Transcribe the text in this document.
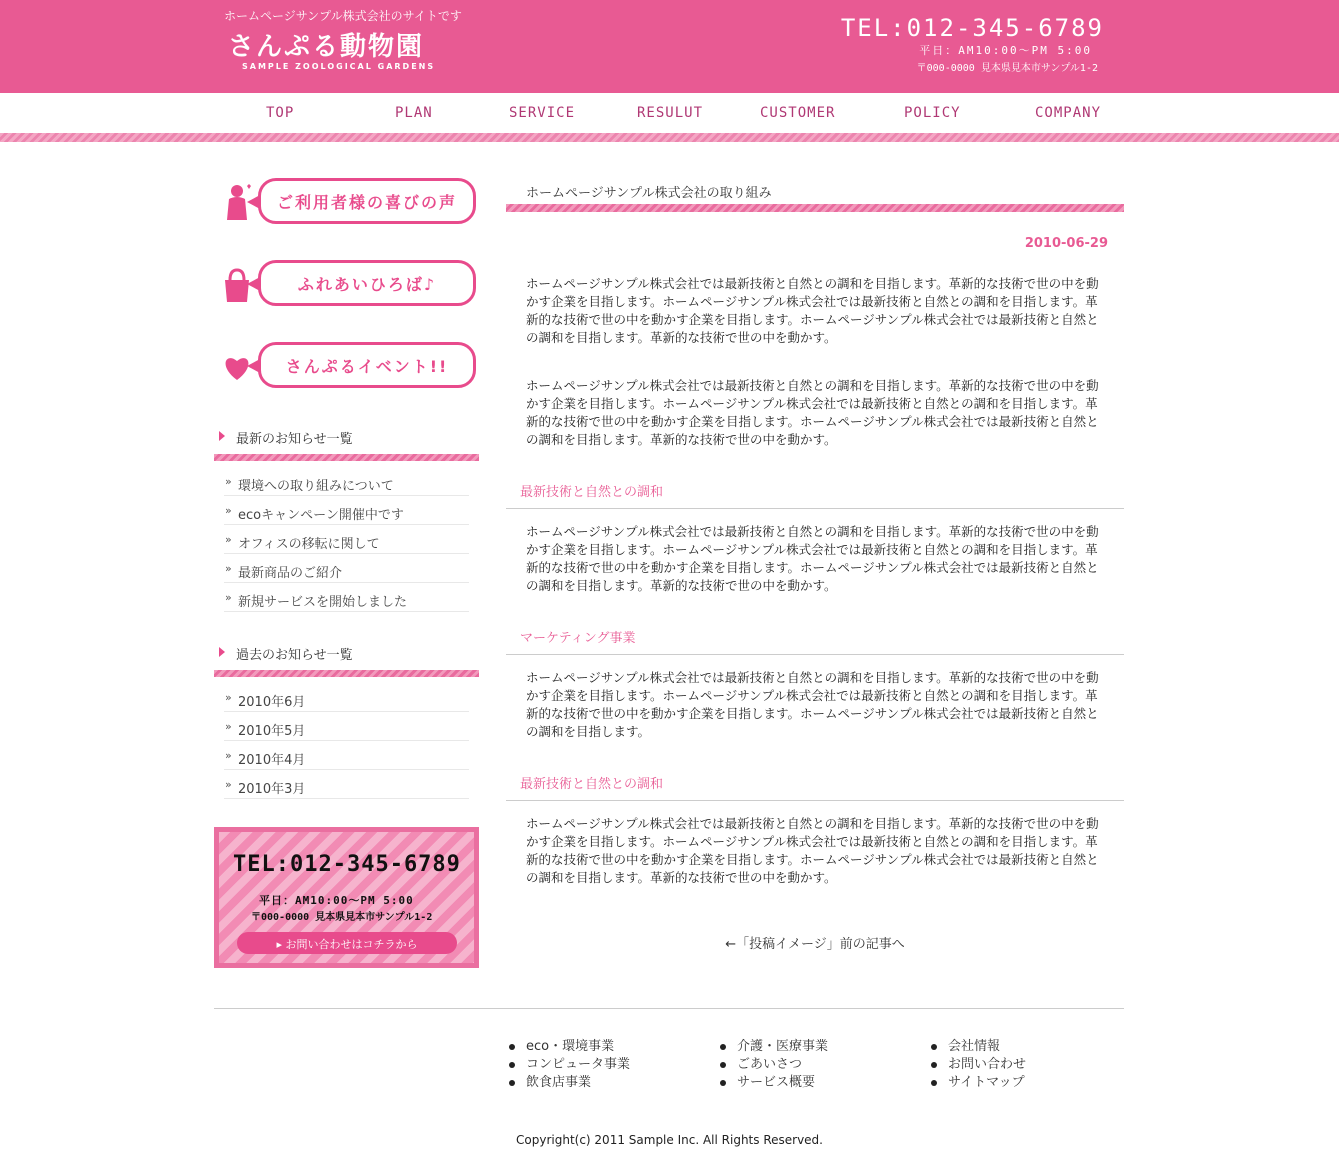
ホームページサンプル株式会社のサイトです
さんぷる動物園
SAMPLE ZOOLOGICAL GARDENS
TEL:012-345-6789
平日：AM10:00～PM 5:00
〒000-0000 見本県見本市サンプル1-2
TOP	PLAN	SERVICE	RESULUT	CUSTOMER	POLICY	COMPANY
ご利用者様の喜びの声
ふれあいひろば♪
さんぷるイベント!!
最新のお知らせ一覧
» 環境への取り組みについて
» ecoキャンペーン開催中です
» オフィスの移転に関して
» 最新商品のご紹介
» 新規サービスを開始しました
過去のお知らせ一覧
» 2010年6月
» 2010年5月
» 2010年4月
» 2010年3月
TEL:012-345-6789
平日：AM10:00～PM 5:00
〒000-0000 見本県見本市サンプル1-2
▸ お問い合わせはコチラから
ホームページサンプル株式会社の取り組み
2010-06-29

ホームページサンプル株式会社では最新技術と自然との調和を目指します。革新的な技術で世の中を動かす企業を目指します。ホームページサンプル株式会社では最新技術と自然との調和を目指します。革新的な技術で世の中を動かす企業を目指します。ホームページサンプル株式会社では最新技術と自然との調和を目指します。革新的な技術で世の中を動かす。

ホームページサンプル株式会社では最新技術と自然との調和を目指します。革新的な技術で世の中を動かす企業を目指します。ホームページサンプル株式会社では最新技術と自然との調和を目指します。革新的な技術で世の中を動かす企業を目指します。ホームページサンプル株式会社では最新技術と自然との調和を目指します。革新的な技術で世の中を動かす。

最新技術と自然との調和

ホームページサンプル株式会社では最新技術と自然との調和を目指します。革新的な技術で世の中を動かす企業を目指します。ホームページサンプル株式会社では最新技術と自然との調和を目指します。革新的な技術で世の中を動かす企業を目指します。ホームページサンプル株式会社では最新技術と自然との調和を目指します。革新的な技術で世の中を動かす。

マーケティング事業

ホームページサンプル株式会社では最新技術と自然との調和を目指します。革新的な技術で世の中を動かす企業を目指します。ホームページサンプル株式会社では最新技術と自然との調和を目指します。革新的な技術で世の中を動かす企業を目指します。ホームページサンプル株式会社では最新技術と自然との調和を目指します。

最新技術と自然との調和

ホームページサンプル株式会社では最新技術と自然との調和を目指します。革新的な技術で世の中を動かす企業を目指します。ホームページサンプル株式会社では最新技術と自然との調和を目指します。革新的な技術で世の中を動かす企業を目指します。ホームページサンプル株式会社では最新技術と自然との調和を目指します。革新的な技術で世の中を動かす。

←「投稿イメージ」前の記事へ
eco・環境事業
コンピュータ事業
飲食店事業
介護・医療事業
ごあいさつ
サービス概要
会社情報
お問い合わせ
サイトマップ
Copyright(c) 2011 Sample Inc. All Rights Reserved.
